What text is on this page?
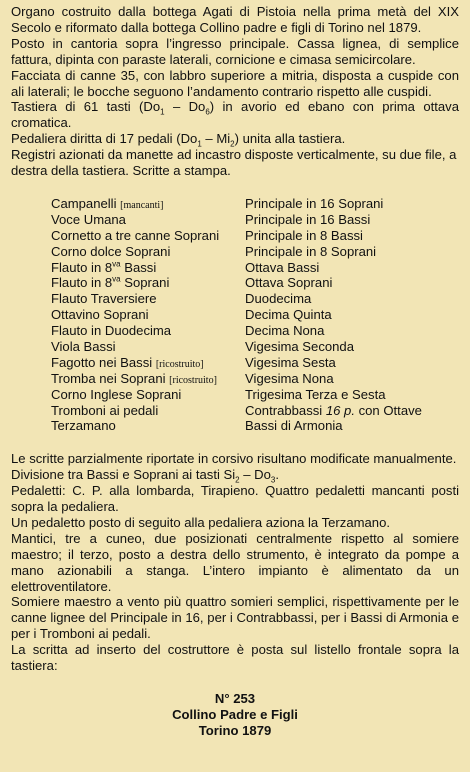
Organo costruito dalla bottega Agati di Pistoia nella prima metà del XIX Secolo e riformato dalla bottega Collino padre e figli di Torino nel 1879.

Posto in cantoria sopra l’ingresso principale. Cassa lignea, di semplice fattura, dipinta con paraste laterali, cornicione e cimasa semicircolare.

Facciata di canne 35, con labbro superiore a mitria, disposta a cuspide con ali laterali; le bocche seguono l’andamento contrario rispetto alle cuspidi.

Tastiera di 61 tasti $(Do_1 - Do_6)$ in avorio ed ebano con prima ottava cromatica.

Pedaliera diritta di 17 pedali $(Do_1 - Mi_2)$ unita alla tastiera.

Registri azionati da manette ad incastro disposte verticalmente, su due file, a destra della tastiera. Scritte a stampa.

Campanelli [mancanti]
Voce Umana
Cornetto a tre canne Soprani
Corno dolce Soprani
Flauto in $8^{va}$ Bassi
Flauto in $8^{va}$ Soprani
Flauto Traversiere
Ottavino Soprani
Flauto in Duodecima
Viola Bassi
Fagotto nei Bassi [ricostruito]
Tromba nei Soprani [ricostruito]
Corno Inglese Soprani
Tromboni ai pedali
Terzamano
Principale in 16 Soprani
Principale in 16 Bassi
Principale in 8 Bassi
Principale in 8 Soprani
Ottava Bassi
Ottava Soprani
Duodecima
Decima Quinta
Decima Nona
Vigesima Seconda
Vigesima Sesta
Vigesima Nona
Trigesima Terza e Sesta
Contrabbassi 16 p. con Ottave
Bassi di Armonia

Le scritte parzialmente riportate in corsivo risultano modificate manualmente.

Divisione tra Bassi e Soprani ai tasti $Si_2 - Do_3$.

Pedaletti: C. P. alla lombarda, Tirapieno. Quattro pedaletti mancanti posti sopra la pedaliera.

Un pedaletto posto di seguito alla pedaliera aziona la Terzamano.

Mantici, tre a cuneo, due posizionati centralmente rispetto al somiere maestro; il terzo, posto a destra dello strumento, è integrato da pompe a mano azionabili a stanga. L’intero impianto è alimentato da un elettroventilatore.

Somiere maestro a vento più quattro somieri semplici, rispettivamente per le canne lignee del Principale in 16, per i Contrabbassi, per i Bassi di Armonia e per i Tromboni ai pedali.

La scritta ad inserto del costruttore è posta sul listello frontale sopra la tastiera:

N° 253
Collino Padre e Figli
Torino 1879
